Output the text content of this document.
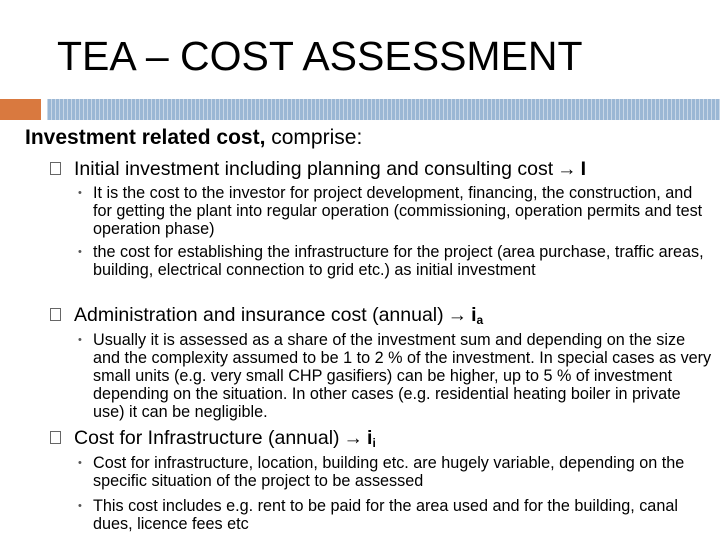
TEA – COST ASSESSMENT
Investment related cost, comprise:
Initial investment including planning and consulting cost → I
• It is the cost to the investor for project development, financing, the construction, and for getting the plant into regular operation (commissioning, operation permits and test operation phase)
• the cost for establishing the infrastructure for the project (area purchase, traffic areas, building, electrical connection to grid etc.) as initial investment
Administration and insurance cost (annual) → $i_a$
• Usually it is assessed as a share of the investment sum and depending on the size and the complexity assumed to be 1 to 2 % of the investment. In special cases as very small units (e.g. very small CHP gasifiers) can be higher, up to 5 % of investment depending on the situation. In other cases (e.g. residential heating boiler in private use) it can be negligible.
Cost for Infrastructure (annual) → $i_i$
• Cost for infrastructure, location, building etc. are hugely variable, depending on the specific situation of the project to be assessed
• This cost includes e.g. rent to be paid for the area used and for the building, canal dues, licence fees etc
